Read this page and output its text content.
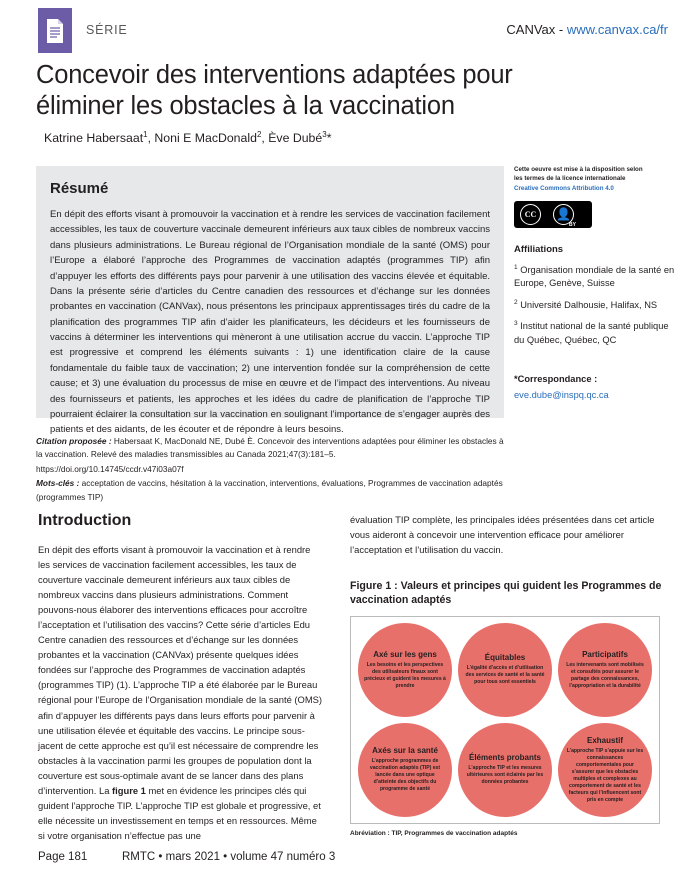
SÉRIE	CANVax - www.canvax.ca/fr
Concevoir des interventions adaptées pour éliminer les obstacles à la vaccination
Katrine Habersaat$^1$, Noni E MacDonald$^2$, Ève Dubé$^3$*
Résumé

En dépit des efforts visant à promouvoir la vaccination et à rendre les services de vaccination facilement accessibles, les taux de couverture vaccinale demeurent inférieurs aux taux cibles de nombreux vaccins dans plusieurs administrations. Le Bureau régional de l’Organisation mondiale de la santé (OMS) pour l’Europe a élaboré l’approche des Programmes de vaccination adaptés (programmes TIP) afin d’appuyer les efforts des différents pays pour parvenir à une utilisation des vaccins élevée et équitable. Dans la présente série d’articles du Centre canadien des ressources et d’échange sur les données probantes en vaccination (CANVax), nous présentons les principaux apprentissages tirés du cadre de la planification des programmes TIP afin d’aider les planificateurs, les décideurs et les fournisseurs de vaccins à déterminer les interventions qui mèneront à une utilisation accrue du vaccin. L’approche TIP est progressive et comprend les éléments suivants : 1) une identification claire de la cause fondamentale du faible taux de vaccination; 2) une intervention fondée sur la compréhension de cette cause; et 3) une évaluation du processus de mise en œuvre et de l’impact des interventions. Au niveau des fournisseurs et patients, les approches et les idées du cadre de planification de l’approche TIP pourraient éclairer la consultation sur la vaccination en soulignant l’importance de s’engager auprès des patients et des aidants, de les écouter et de répondre à leurs besoins.

Citation proposée : Habersaat K, MacDonald NE, Dubé È. Concevoir des interventions adaptées pour éliminer les obstacles à la vaccination. Relevé des maladies transmissibles au Canada 2021;47(3):181–5.
https://doi.org/10.14745/ccdr.v47i03a07f
Mots-clés : acceptation de vaccins, hésitation à la vaccination, interventions, évaluations, Programmes de vaccination adaptés (programmes TIP)
Cette oeuvre est mise à la disposition selon
les termes de la licence internationale
Creative Commons Attribution 4.0
CC	👤
BY
Affiliations
$^1$ Organisation mondiale de la santé en Europe, Genève, Suisse
$^2$ Université Dalhousie, Halifax, NS
$^3$ Institut national de la santé publique du Québec, Québec, QC
*Correspondance :
eve.dube@inspq.qc.ca
Introduction

En dépit des efforts visant à promouvoir la vaccination et à rendre les services de vaccination facilement accessibles, les taux de couverture vaccinale demeurent inférieurs aux taux cibles de nombreux vaccins dans plusieurs administrations. Comment pouvons-nous élaborer des interventions efficaces pour accroître l’acceptation et l’utilisation des vaccins? Cette série d’articles Edu Centre canadien des ressources et d’échange sur les données probantes et la vaccination (CANVax) présente quelques idées fondées sur l’approche des Programmes de vaccination adaptés (programmes TIP) (1). L’approche TIP a été élaborée par le Bureau régional pour l’Europe de l’Organisation mondiale de la santé (OMS) afin d’appuyer les différents pays dans leurs efforts pour parvenir à une utilisation élevée et équitable des vaccins. Le principe sous-jacent de cette approche est qu’il est nécessaire de comprendre les obstacles à la vaccination parmi les groupes de population dont la couverture est sous-optimale avant de se lancer dans des plans d’intervention. La figure 1 met en évidence les principes clés qui guident l’approche TIP. L’approche TIP est globale et progressive, et elle nécessite un investissement en temps et en ressources. Même si votre organisation n’effectue pas une

évaluation TIP complète, les principales idées présentées dans cet article vous aideront à concevoir une intervention efficace pour améliorer l’acceptation et l’utilisation du vaccin.

Figure 1 : Valeurs et principes qui guident les Programmes de vaccination adaptés
Axé sur les gens
Les besoins et les perspectives des utilisateurs finaux sont précieux et guident les mesures à prendre
Équitables
L’égalité d’accès et d’utilisation des services de santé et la santé pour tous sont essentiels
Participatifs
Les intervenants sont mobilisés et consultés pour assurer le partage des connaissances, l’appropriation et la durabilité
Axés sur la santé
L’approche programmes de vaccination adaptés (TIP) est lancée dans une optique d’atteinte des objectifs du programme de santé
Éléments probants
L’approche TIP et les mesures ultérieures sont éclairés par les données probantes
Exhaustif
L’approche TIP s’appuie sur les connaissances comportementales pour s’assurer que les obstacles multiples et complexes au comportement de santé et les facteurs qui l’influencent sont pris en compte
Abréviation : TIP, Programmes de vaccination adaptés
Page 181	RMTC • mars 2021 • volume 47 numéro 3
